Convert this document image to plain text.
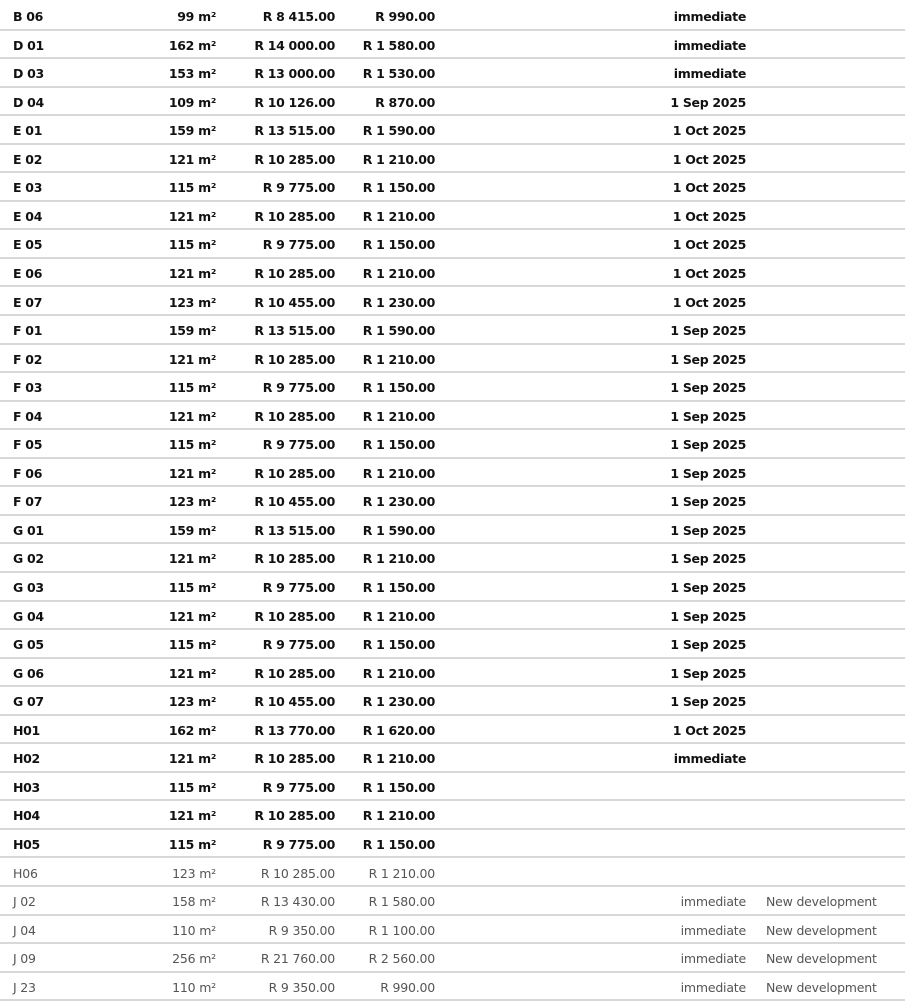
B 06	99 m²	R 8 415.00	R 990.00	immediate
D 01	162 m²	R 14 000.00 R 1 580.00	immediate
D 03	153 m²	R 13 000.00 R 1 530.00	immediate
D 04	109 m²	R 10 126.00	R 870.00	1 Sep 2025
E 01	159 m²	R 13 515.00 R 1 590.00	1 Oct 2025
E 02	121 m²	R 10 285.00 R 1 210.00	1 Oct 2025
E 03	115 m²	R 9 775.00 R 1 150.00	1 Oct 2025
E 04	121 m²	R 10 285.00 R 1 210.00	1 Oct 2025
E 05	115 m²	R 9 775.00 R 1 150.00	1 Oct 2025
E 06	121 m²	R 10 285.00 R 1 210.00	1 Oct 2025
E 07	123 m²	R 10 455.00 R 1 230.00	1 Oct 2025
F 01	159 m²	R 13 515.00 R 1 590.00	1 Sep 2025
F 02	121 m²	R 10 285.00 R 1 210.00	1 Sep 2025
F 03	115 m²	R 9 775.00 R 1 150.00	1 Sep 2025
F 04	121 m²	R 10 285.00 R 1 210.00	1 Sep 2025
F 05	115 m²	R 9 775.00 R 1 150.00	1 Sep 2025
F 06	121 m²	R 10 285.00 R 1 210.00	1 Sep 2025
F 07	123 m²	R 10 455.00 R 1 230.00	1 Sep 2025
G 01	159 m²	R 13 515.00 R 1 590.00	1 Sep 2025
G 02	121 m²	R 10 285.00 R 1 210.00	1 Sep 2025
G 03	115 m²	R 9 775.00 R 1 150.00	1 Sep 2025
G 04	121 m²	R 10 285.00 R 1 210.00	1 Sep 2025
G 05	115 m²	R 9 775.00 R 1 150.00	1 Sep 2025
G 06	121 m²	R 10 285.00 R 1 210.00	1 Sep 2025
G 07	123 m²	R 10 455.00 R 1 230.00	1 Sep 2025
H01	162 m²	R 13 770.00 R 1 620.00	1 Oct 2025
H02	121 m²	R 10 285.00 R 1 210.00	immediate
H03	115 m²	R 9 775.00 R 1 150.00
H04	121 m²	R 10 285.00 R 1 210.00
H05	115 m²	R 9 775.00 R 1 150.00
H06	123 m²	R 10 285.00	R 1 210.00
J 02	158 m²	R 13 430.00	R 1 580.00	immediate New development
J 04	110 m²	R 9 350.00	R 1 100.00	immediate New development
J 09	256 m²	R 21 760.00	R 2 560.00	immediate New development
J 23	110 m²	R 9 350.00	R 990.00	immediate New development
